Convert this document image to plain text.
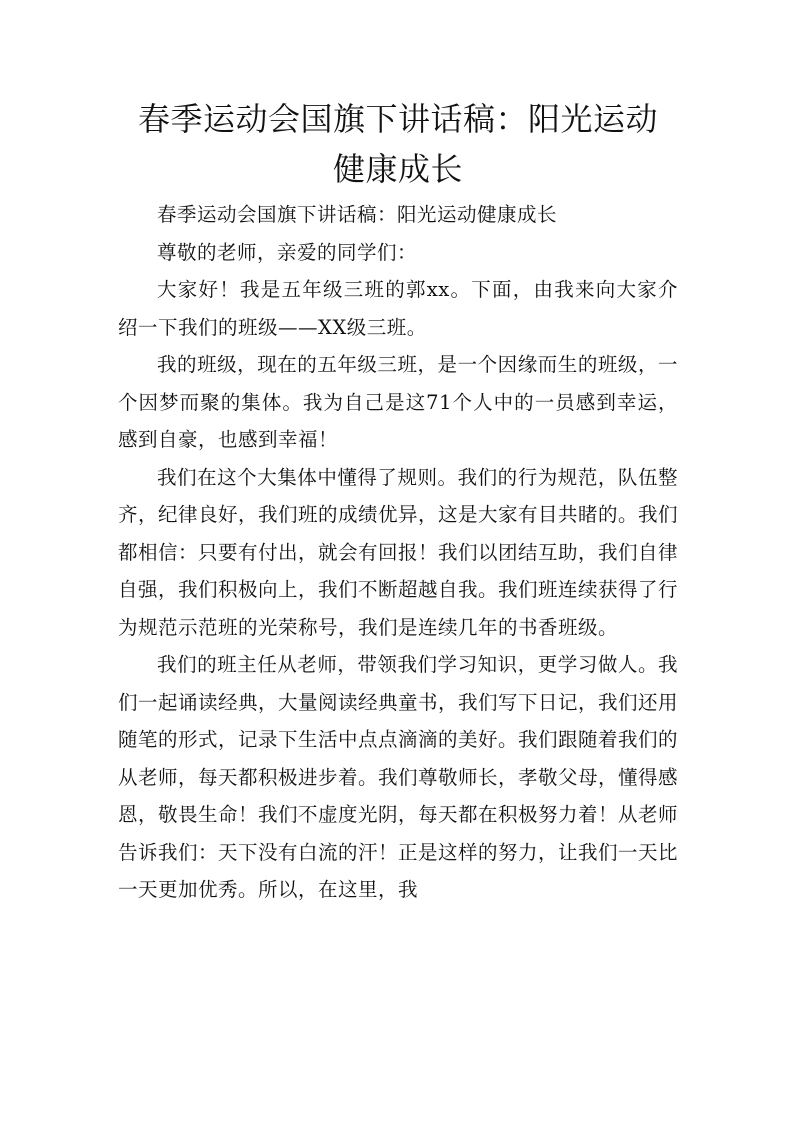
春季运动会国旗下讲话稿：阳光运动 健康成长

春季运动会国旗下讲话稿：阳光运动健康成长

尊敬的老师，亲爱的同学们：

大家好！我是五年级三班的郭xx。下面，由我来向大家介绍一下我们的班级——XX级三班。

我的班级，现在的五年级三班，是一个因缘而生的班级，一个因梦而聚的集体。我为自己是这71个人中的一员感到幸运，感到自豪，也感到幸福！

我们在这个大集体中懂得了规则。我们的行为规范，队伍整齐，纪律良好，我们班的成绩优异，这是大家有目共睹的。我们都相信：只要有付出，就会有回报！我们以团结互助，我们自律自强，我们积极向上，我们不断超越自我。我们班连续获得了行为规范示范班的光荣称号，我们是连续几年的书香班级。

我们的班主任从老师，带领我们学习知识，更学习做人。我们一起诵读经典，大量阅读经典童书，我们写下日记，我们还用随笔的形式，记录下生活中点点滴滴的美好。我们跟随着我们的从老师，每天都积极进步着。我们尊敬师长，孝敬父母，懂得感恩，敬畏生命！我们不虚度光阴，每天都在积极努力着！从老师告诉我们：天下没有白流的汗！正是这样的努力，让我们一天比一天更加优秀。所以，在这里，我
